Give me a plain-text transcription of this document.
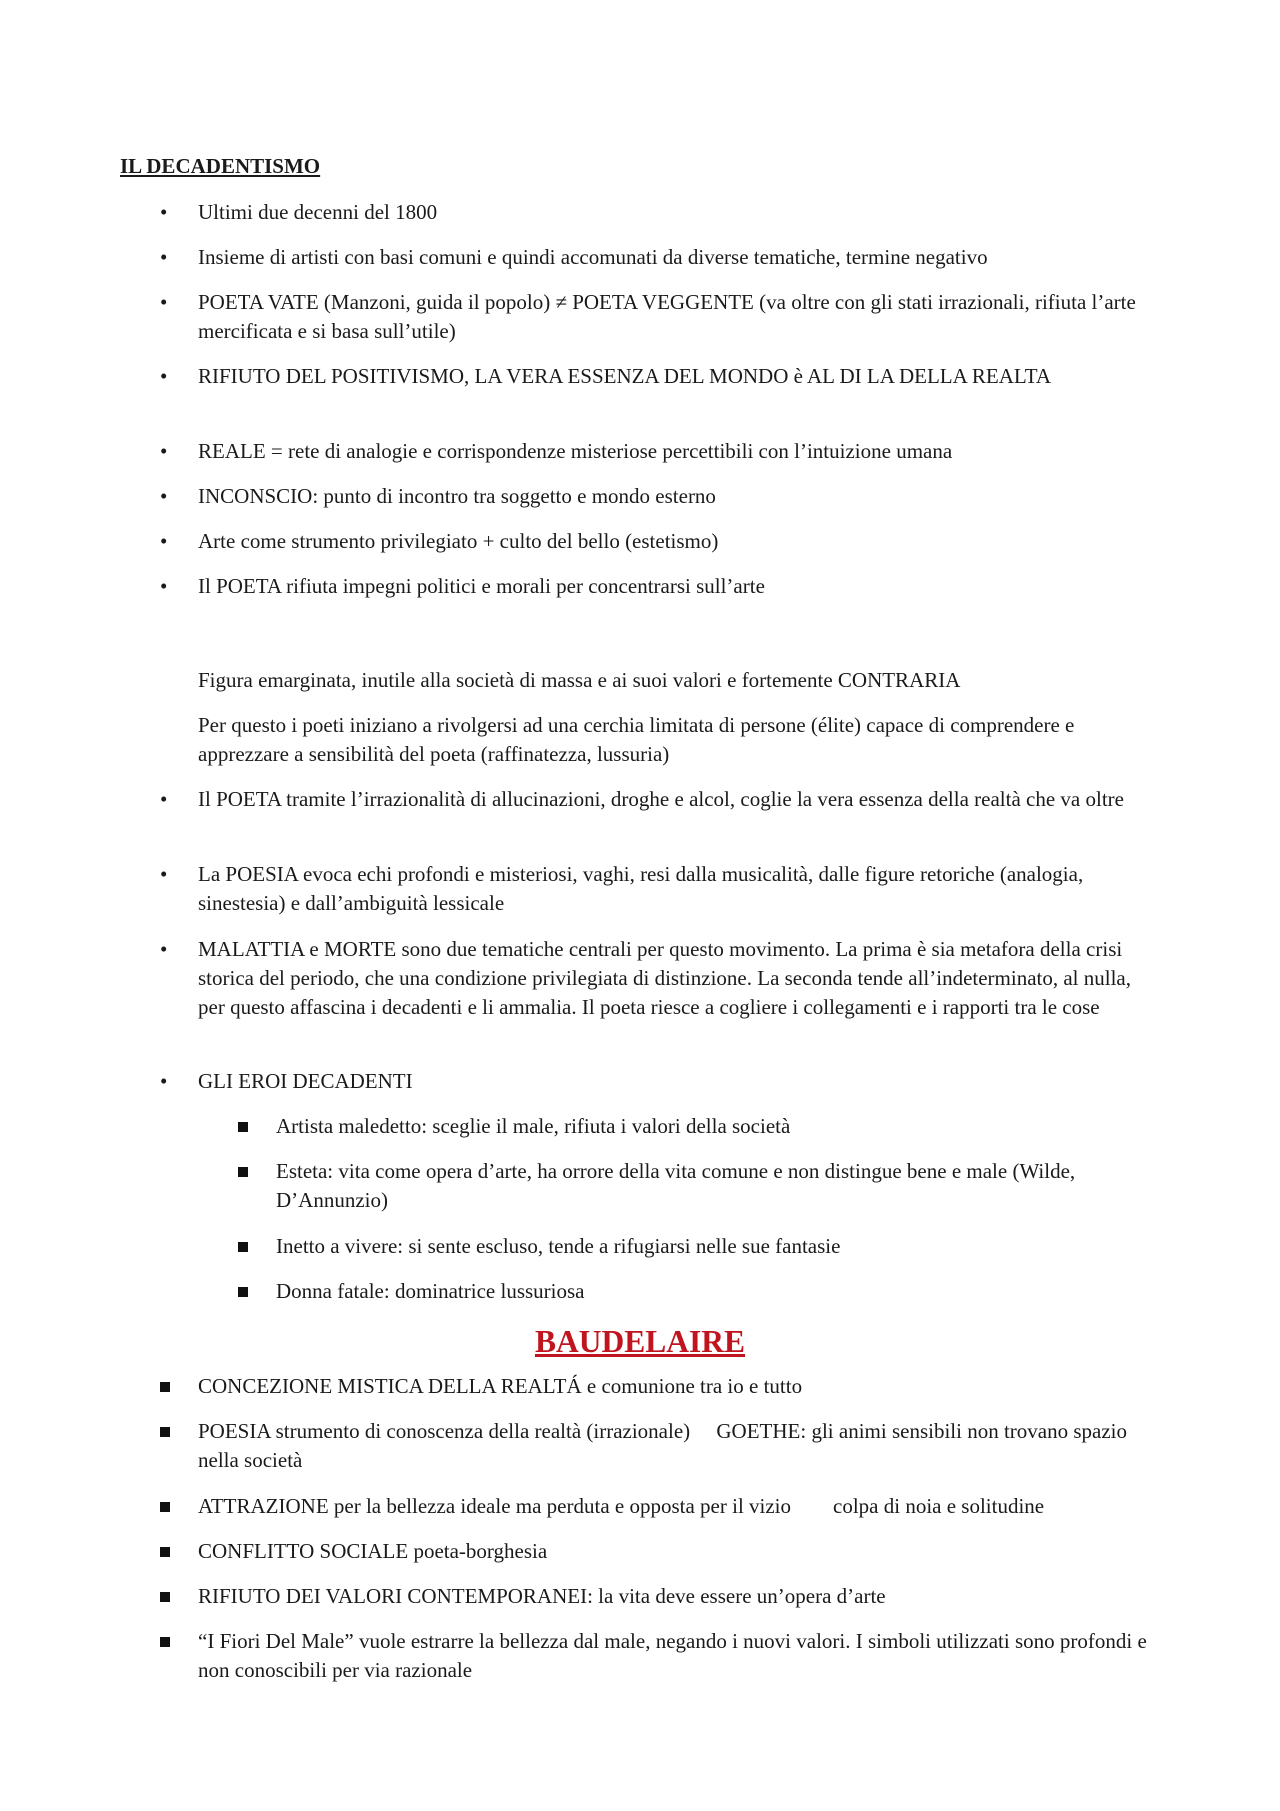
IL DECADENTISMO

•	Ultimi due decenni del 1800

•	Insieme di artisti con basi comuni e quindi accomunati da diverse tematiche, termine negativo

•	POETA VATE (Manzoni, guida il popolo) ≠ POETA VEGGENTE (va oltre con gli stati irrazionali, rifiuta l’arte mercificata e si basa sull’utile)

•	RIFIUTO DEL POSITIVISMO, LA VERA ESSENZA DEL MONDO è AL DI LA DELLA REALTA

•	REALE = rete di analogie e corrispondenze misteriose percettibili con l’intuizione umana

•	INCONSCIO: punto di incontro tra soggetto e mondo esterno

•	Arte come strumento privilegiato + culto del bello (estetismo)

•	Il POETA rifiuta impegni politici e morali per concentrarsi sull’arte

Figura emarginata, inutile alla società di massa e ai suoi valori e fortemente CONTRARIA

Per questo i poeti iniziano a rivolgersi ad una cerchia limitata di persone (élite) capace di comprendere e apprezzare a sensibilità del poeta (raffinatezza, lussuria)

•	Il POETA tramite l’irrazionalità di allucinazioni, droghe e alcol, coglie la vera essenza della realtà che va oltre

•	La POESIA evoca echi profondi e misteriosi, vaghi, resi dalla musicalità, dalle figure retoriche (analogia, sinestesia) e dall’ambiguità lessicale

•	MALATTIA e MORTE sono due tematiche centrali per questo movimento. La prima è sia metafora della crisi storica del periodo, che una condizione privilegiata di distinzione. La seconda tende all’indeterminato, al nulla, per questo affascina i decadenti e li ammalia. Il poeta riesce a cogliere i collegamenti e i rapporti tra le cose

•	GLI EROI DECADENTI

Artista maledetto: sceglie il male, rifiuta i valori della società

Esteta: vita come opera d’arte, ha orrore della vita comune e non distingue bene e male (Wilde, D’Annunzio)

Inetto a vivere: si sente escluso, tende a rifugiarsi nelle sue fantasie

Donna fatale: dominatrice lussuriosa

BAUDELAIRE

CONCEZIONE MISTICA DELLA REALTÁ e comunione tra io e tutto

POESIA strumento di conoscenza della realtà (irrazionale)     GOETHE: gli animi sensibili non trovano spazio nella società

ATTRAZIONE per la bellezza ideale ma perduta e opposta per il vizio        colpa di noia e solitudine

CONFLITTO SOCIALE poeta-borghesia

RIFIUTO DEI VALORI CONTEMPORANEI: la vita deve essere un’opera d’arte

“I Fiori Del Male” vuole estrarre la bellezza dal male, negando i nuovi valori. I simboli utilizzati sono profondi e non conoscibili per via razionale
